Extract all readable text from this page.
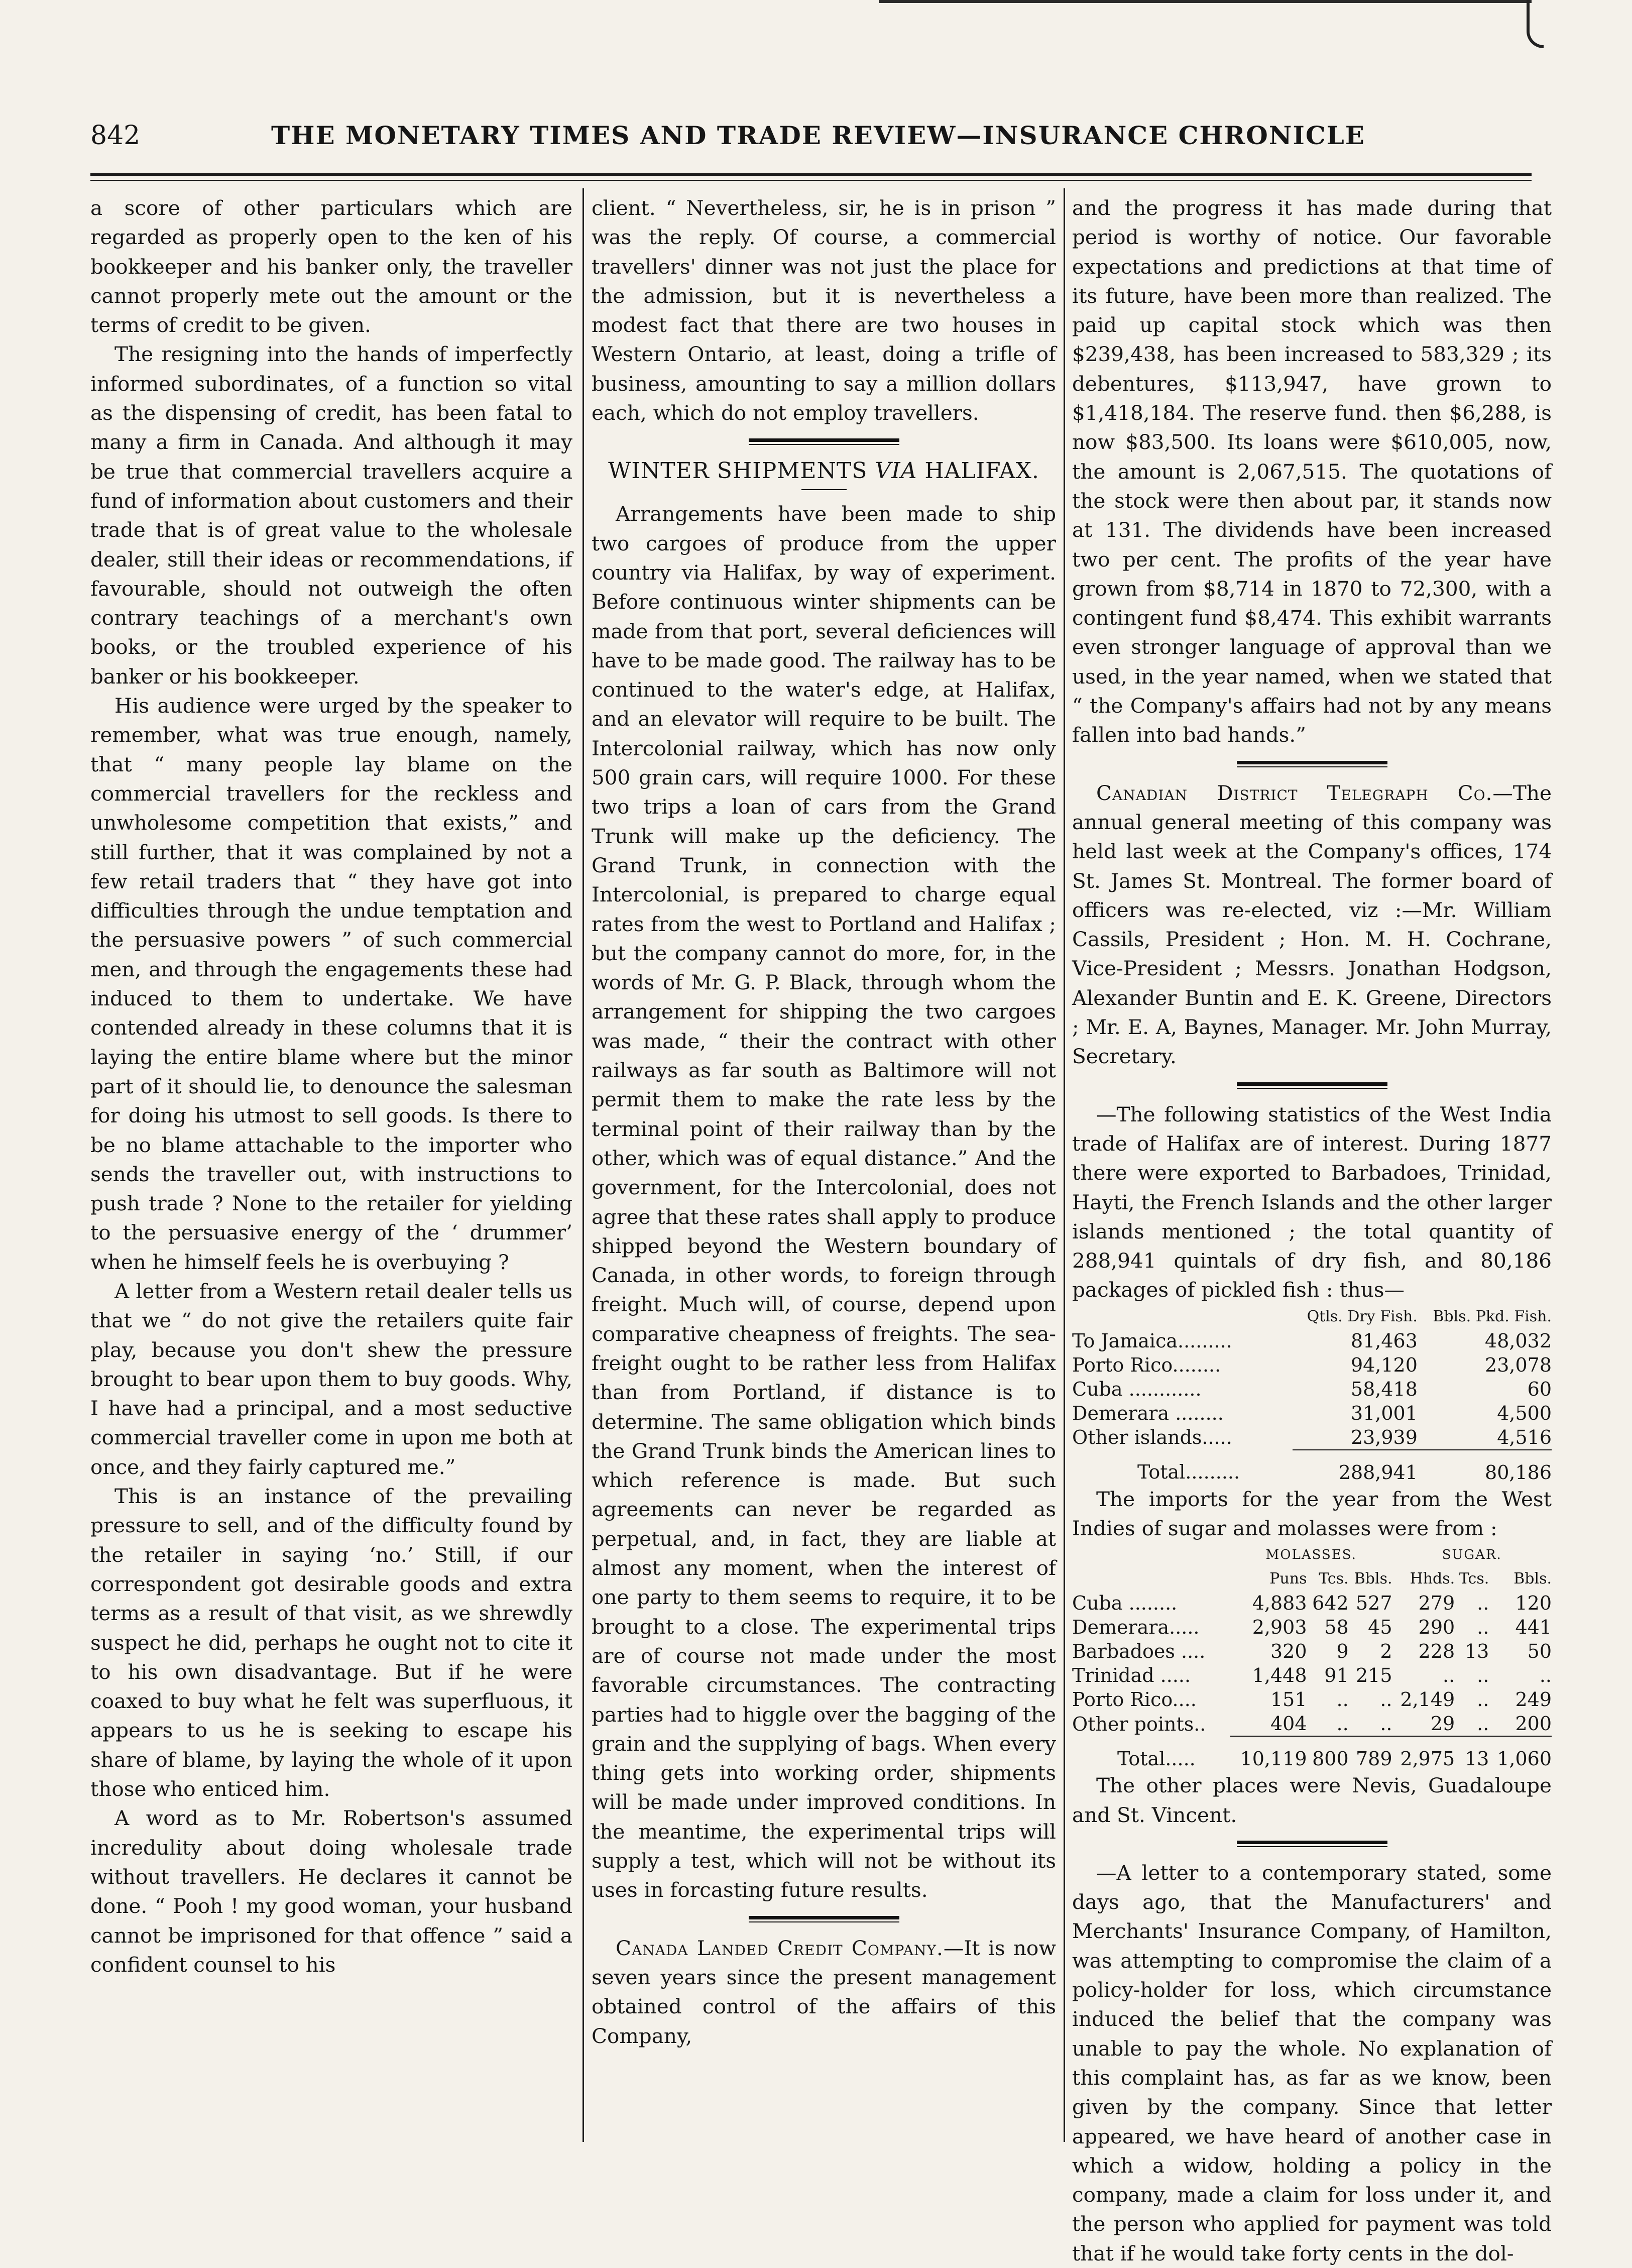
842	THE MONETARY TIMES AND TRADE REVIEW—INSURANCE CHRONICLE

a score of other particulars which are regarded as properly open to the ken of his bookkeeper and his banker only, the traveller cannot properly mete out the amount or the terms of credit to be given.

The resigning into the hands of imperfectly informed subordinates, of a function so vital as the dispensing of credit, has been fatal to many a firm in Canada. And although it may be true that commercial travellers acquire a fund of information about customers and their trade that is of great value to the wholesale dealer, still their ideas or recommendations, if favourable, should not outweigh the often contrary teachings of a merchant's own books, or the troubled experience of his banker or his bookkeeper.

His audience were urged by the speaker to remember, what was true enough, namely, that “ many people lay blame on the commercial travellers for the reckless and unwholesome competition that exists,” and still further, that it was complained by not a few retail traders that “ they have got into difficulties through the undue temptation and the persuasive powers ” of such commercial men, and through the engagements these had induced to them to undertake. We have contended already in these columns that it is laying the entire blame where but the minor part of it should lie, to denounce the salesman for doing his utmost to sell goods. Is there to be no blame attachable to the importer who sends the traveller out, with instructions to push trade ? None to the retailer for yielding to the persuasive energy of the ‘ drummer’ when he himself feels he is overbuying ?

A letter from a Western retail dealer tells us that we “ do not give the retailers quite fair play, because you don't shew the pressure brought to bear upon them to buy goods. Why, I have had a principal, and a most seductive commercial traveller come in upon me both at once, and they fairly captured me.”

This is an instance of the prevailing pressure to sell, and of the difficulty found by the retailer in saying ‘no.’ Still, if our correspondent got desirable goods and extra terms as a result of that visit, as we shrewdly suspect he did, perhaps he ought not to cite it to his own disadvantage. But if he were coaxed to buy what he felt was superfluous, it appears to us he is seeking to escape his share of blame, by laying the whole of it upon those who enticed him.

A word as to Mr. Robertson's assumed incredulity about doing wholesale trade without travellers. He declares it cannot be done. “ Pooh ! my good woman, your husband cannot be imprisoned for that offence ” said a confident counsel to his

client. “ Nevertheless, sir, he is in prison ” was the reply. Of course, a commercial travellers' dinner was not just the place for the admission, but it is nevertheless a modest fact that there are two houses in Western Ontario, at least, doing a trifle of business, amounting to say a million dollars each, which do not employ travellers.

WINTER SHIPMENTS VIA HALIFAX.

Arrangements have been made to ship two cargoes of produce from the upper country via Halifax, by way of experiment. Before continuous winter shipments can be made from that port, several deficiences will have to be made good. The railway has to be continued to the water's edge, at Halifax, and an elevator will require to be built. The Intercolonial railway, which has now only 500 grain cars, will require 1000. For these two trips a loan of cars from the Grand Trunk will make up the deficiency. The Grand Trunk, in connection with the Intercolonial, is prepared to charge equal rates from the west to Portland and Halifax ; but the company cannot do more, for, in the words of Mr. G. P. Black, through whom the arrangement for shipping the two cargoes was made, “ their the contract with other railways as far south as Baltimore will not permit them to make the rate less by the terminal point of their railway than by the other, which was of equal distance.” And the government, for the Intercolonial, does not agree that these rates shall apply to produce shipped beyond the Western boundary of Canada, in other words, to foreign through freight. Much will, of course, depend upon comparative cheapness of freights. The sea-freight ought to be rather less from Halifax than from Portland, if distance is to determine. The same obligation which binds the Grand Trunk binds the American lines to which reference is made. But such agreements can never be regarded as perpetual, and, in fact, they are liable at almost any moment, when the interest of one party to them seems to require, it to be brought to a close. The experimental trips are of course not made under the most favorable circumstances. The contracting parties had to higgle over the bagging of the grain and the supplying of bags. When every thing gets into working order, shipments will be made under improved conditions. In the meantime, the experimental trips will supply a test, which will not be without its uses in forcasting future results.

Canada Landed Credit Company.—It is now seven years since the present management obtained control of the affairs of this Company,

and the progress it has made during that period is worthy of notice. Our favorable expectations and predictions at that time of its future, have been more than realized. The paid up capital stock which was then $239,438, has been increased to 583,329 ; its debentures, $113,947, have grown to $1,418,184. The reserve fund. then $6,288, is now $83,500. Its loans were $610,005, now, the amount is 2,067,515. The quotations of the stock were then about par, it stands now at 131. The dividends have been increased two per cent. The profits of the year have grown from $8,714 in 1870 to 72,300, with a contingent fund $8,474. This exhibit warrants even stronger language of approval than we used, in the year named, when we stated that “ the Company's affairs had not by any means fallen into bad hands.”

Canadian District Telegraph Co.—The annual general meeting of this company was held last week at the Company's offices, 174 St. James St. Montreal. The former board of officers was re-elected, viz :—Mr. William Cassils, President ; Hon. M. H. Cochrane, Vice-President ; Messrs. Jonathan Hodgson, Alexander Buntin and E. K. Greene, Directors ; Mr. E. A, Baynes, Manager. Mr. John Murray, Secretary.

—The following statistics of the West India trade of Halifax are of interest. During 1877 there were exported to Barbadoes, Trinidad, Hayti, the French Islands and the other larger islands mentioned ; the total quantity of 288,941 quintals of dry fish, and 80,186 packages of pickled fish : thus—

	Qtls. Dry Fish.	Bbls. Pkd. Fish.
To Jamaica.........	81,463	48,032
Porto Rico........	94,120	23,078
Cuba ............	58,418	60
Demerara ........	31,001	4,500
Other islands.....	23,939	4,516
Total.........	288,941	80,186

The imports for the year from the West Indies of sugar and molasses were from :

	MOLASSES.			SUGAR.		
	Puns	Tcs.	Bbls.	Hhds.	Tcs.	Bbls.
Cuba ........	4,883	642	527	279	..	120
Demerara.....	2,903	58	45	290	..	441
Barbadoes ....	320	9	2	228	13	50
Trinidad .....	1,448	91	215	..	..	..
Porto Rico....	151	..	..	2,149	..	249
Other points..	404	..	..	29	..	200
Total.....	10,119	800	789	2,975	13	1,060

The other places were Nevis, Guadaloupe and St. Vincent.

—A letter to a contemporary stated, some days ago, that the Manufacturers' and Merchants' Insurance Company, of Hamilton, was attempting to compromise the claim of a policy-holder for loss, which circumstance induced the belief that the company was unable to pay the whole. No explanation of this complaint has, as far as we know, been given by the company. Since that letter appeared, we have heard of another case in which a widow, holding a policy in the company, made a claim for loss under it, and the person who applied for payment was told that if he would take forty cents in the dol-
